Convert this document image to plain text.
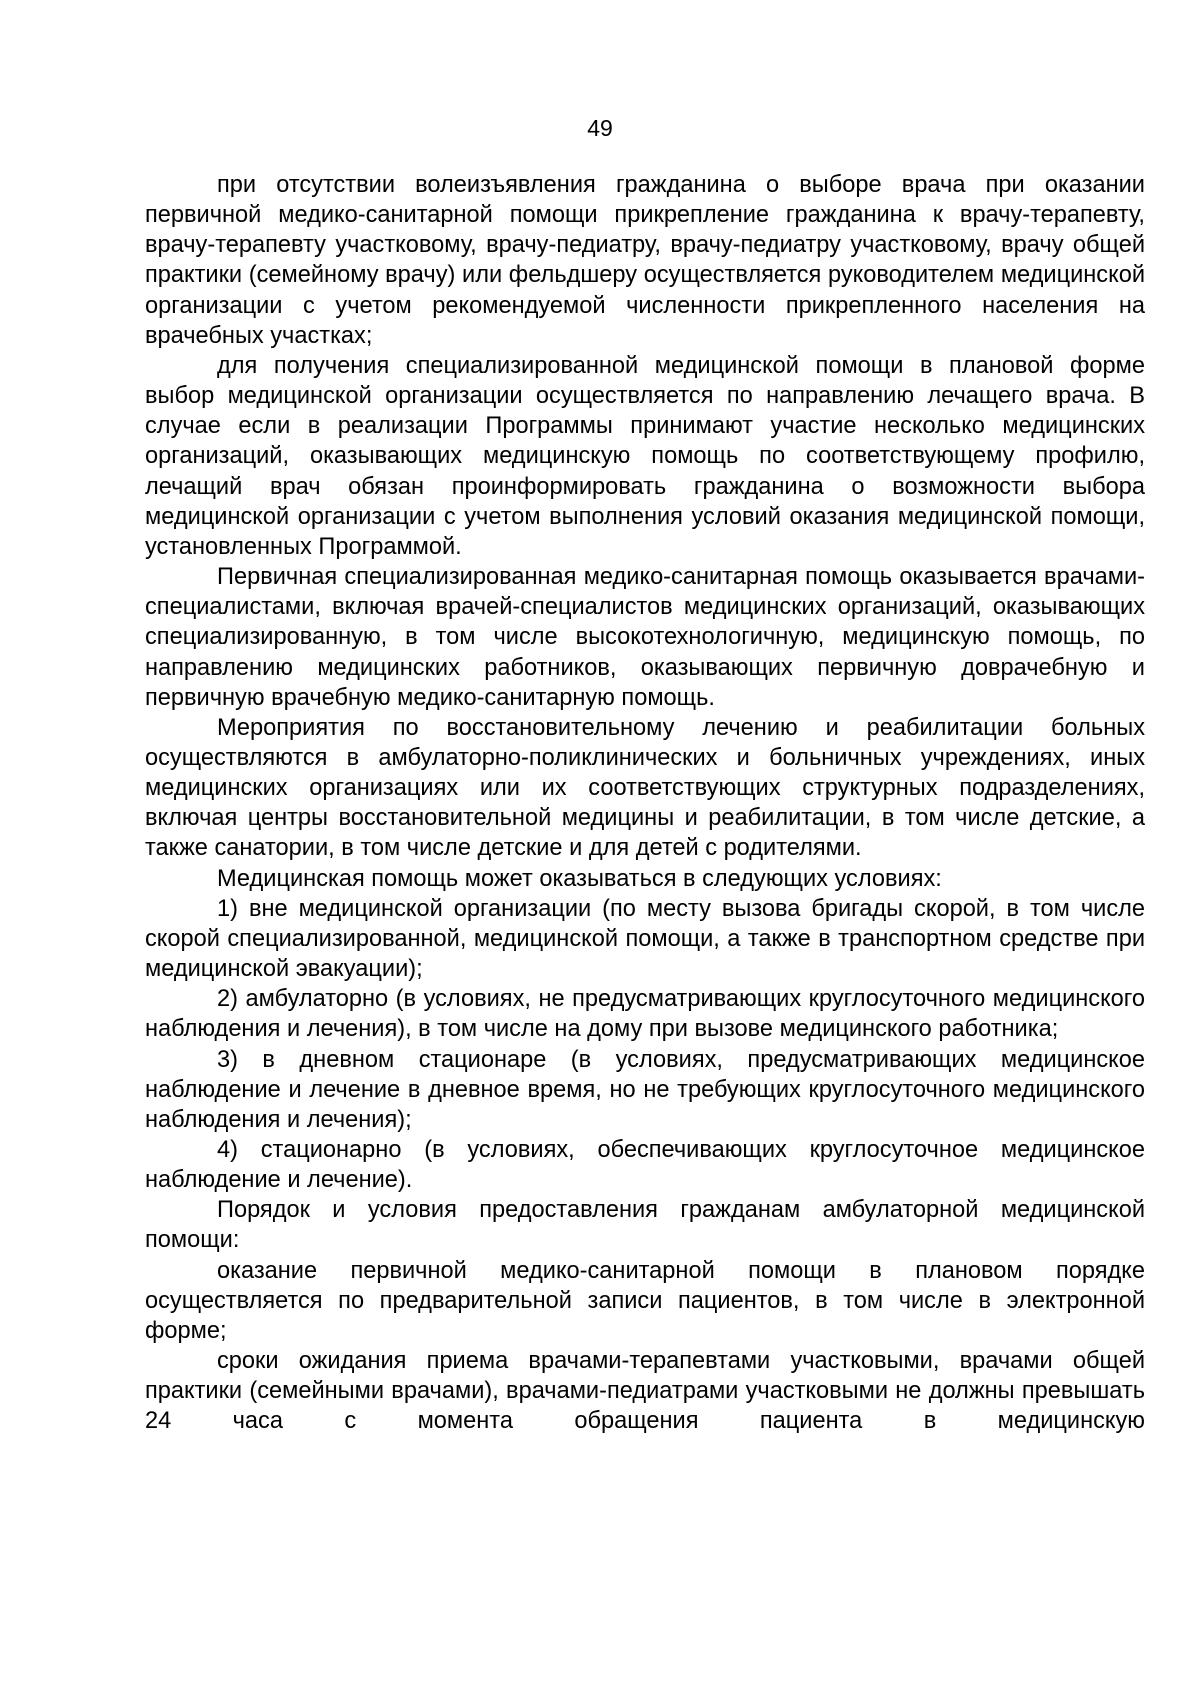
49

при отсутствии волеизъявления гражданина о выборе врача при оказании первичной медико-санитарной помощи прикрепление гражданина к врачу-терапевту, врачу-терапевту участковому, врачу-педиатру, врачу-педиатру участковому, врачу общей практики (семейному врачу) или фельдшеру осуществляется руководителем медицинской организации с учетом рекомендуемой численности прикрепленного населения на врачебных участках;

для получения специализированной медицинской помощи в плановой форме выбор медицинской организации осуществляется по направлению лечащего врача. В случае если в реализации Программы принимают участие несколько медицинских организаций, оказывающих медицинскую помощь по соответствующему профилю, лечащий врач обязан проинформировать гражданина о возможности выбора медицинской организации с учетом выполнения условий оказания медицинской помощи, установленных Программой.

Первичная специализированная медико-санитарная помощь оказывается врачами-специалистами, включая врачей-специалистов медицинских организаций, оказывающих специализированную, в том числе высокотехнологичную, медицинскую помощь, по направлению медицинских работников, оказывающих первичную доврачебную и первичную врачебную медико-санитарную помощь.

Мероприятия по восстановительному лечению и реабилитации больных осуществляются в амбулаторно-поликлинических и больничных учреждениях, иных медицинских организациях или их соответствующих структурных подразделениях, включая центры восстановительной медицины и реабилитации, в том числе детские, а также санатории, в том числе детские и для детей с родителями.

Медицинская помощь может оказываться в следующих условиях:

1) вне медицинской организации (по месту вызова бригады скорой, в том числе скорой специализированной, медицинской помощи, а также в транспортном средстве при медицинской эвакуации);

2) амбулаторно (в условиях, не предусматривающих круглосуточного медицинского наблюдения и лечения), в том числе на дому при вызове медицинского работника;

3) в дневном стационаре (в условиях, предусматривающих медицинское наблюдение и лечение в дневное время, но не требующих круглосуточного медицинского наблюдения и лечения);

4) стационарно (в условиях, обеспечивающих круглосуточное медицинское наблюдение и лечение).

Порядок и условия предоставления гражданам амбулаторной медицинской помощи:

оказание первичной медико-санитарной помощи в плановом порядке осуществляется по предварительной записи пациентов, в том числе в электронной форме;

сроки ожидания приема врачами-терапевтами участковыми, врачами общей практики (семейными врачами), врачами-педиатрами участковыми не должны превышать 24 часа с момента обращения пациента в медицинскую
